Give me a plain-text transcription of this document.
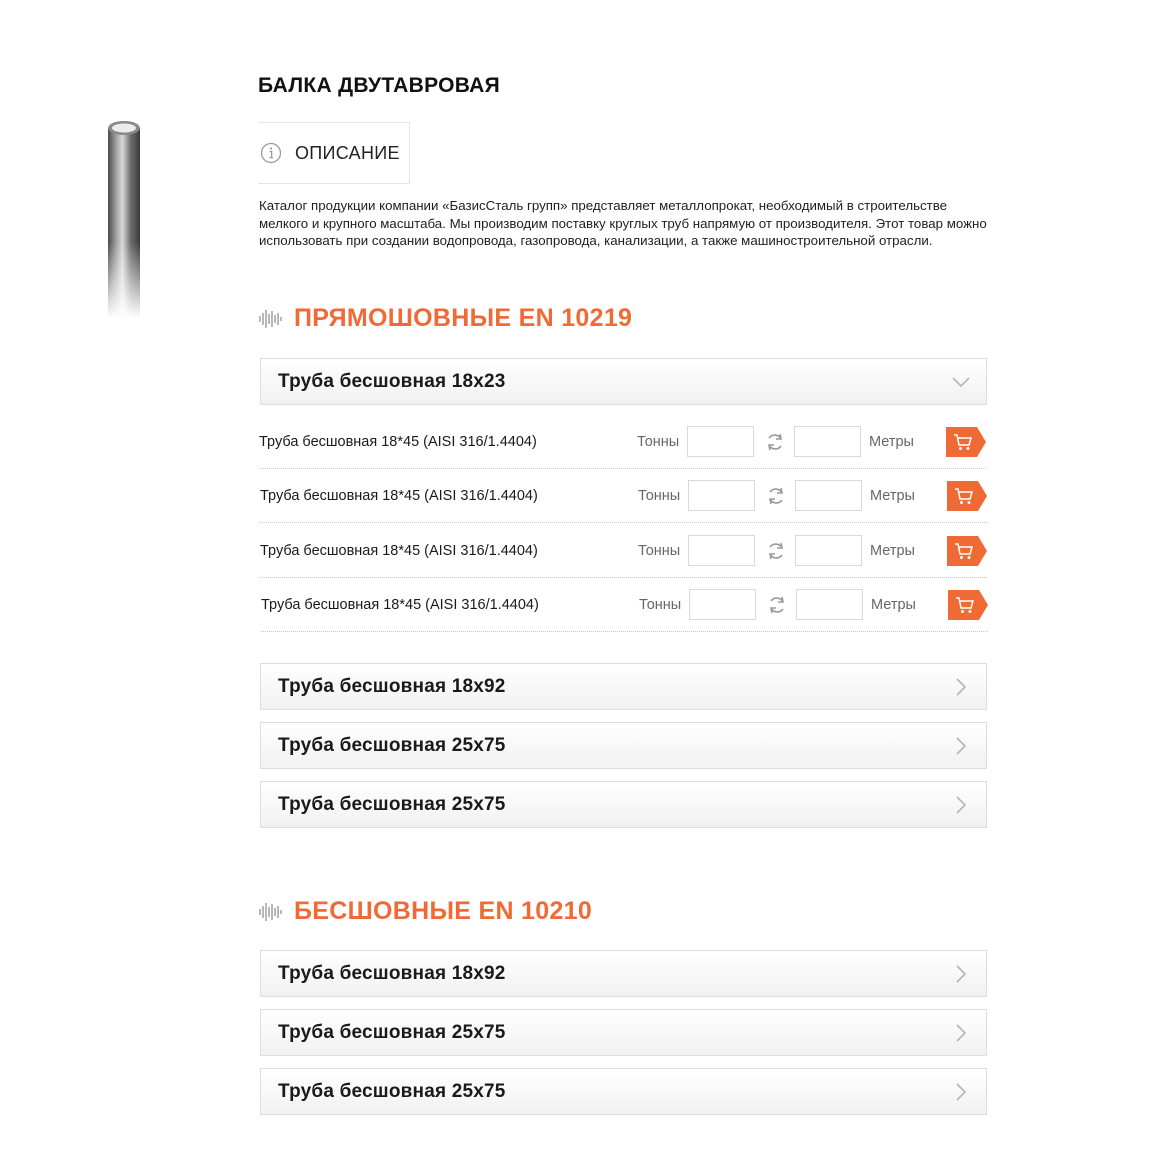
БАЛКА ДВУТАВРОВАЯ
ОПИСАНИЕ

Каталог продукции компании «БазисСталь групп» представляет металлопрокат, необходимый в строительстве мелкого и крупного масштаба. Мы производим поставку круглых труб напрямую от производителя. Этот товар можно использовать при создании водопровода, газопровода, канализации, а также машиностроительной отрасли.

ПРЯМОШОВНЫЕ EN 10219
Труба бесшовная 18х23
Труба бесшовная 18*45 (AISI 316/1.4404)	Тонны	Метры
Труба бесшовная 18*45 (AISI 316/1.4404)	Тонны	Метры
Труба бесшовная 18*45 (AISI 316/1.4404)	Тонны	Метры
Труба бесшовная 18*45 (AISI 316/1.4404)	Тонны	Метры
Труба бесшовная 18х92
Труба бесшовная 25х75
Труба бесшовная 25х75
БЕСШОВНЫЕ EN 10210
Труба бесшовная 18х92
Труба бесшовная 25х75
Труба бесшовная 25х75
